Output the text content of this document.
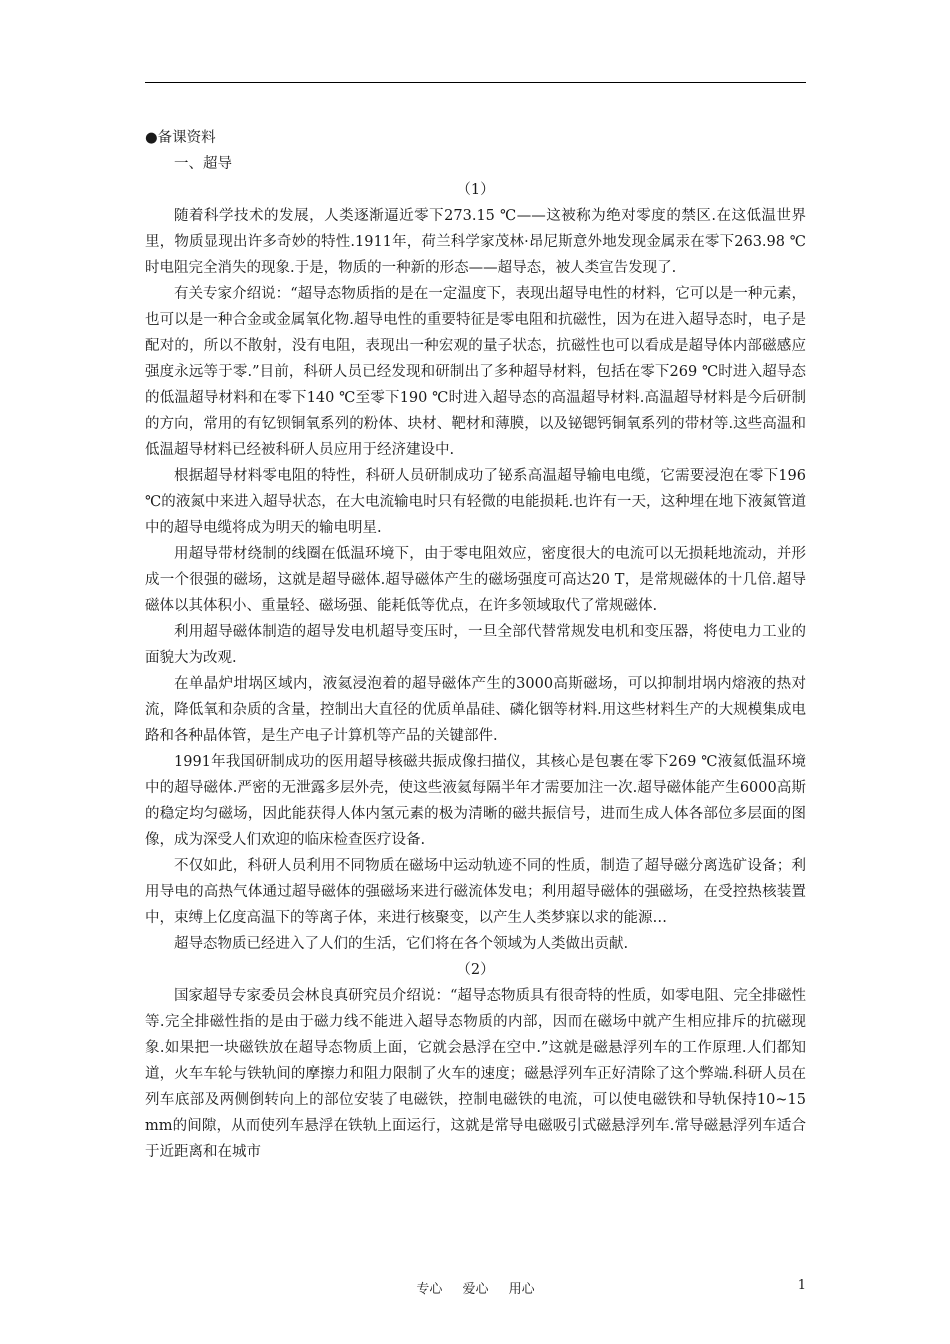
●备课资料
一、超导
（1）

随着科学技术的发展，人类逐渐逼近零下273.15 ℃——这被称为绝对零度的禁区.在这低温世界里，物质显现出许多奇妙的特性.1911年，荷兰科学家茂林·昂尼斯意外地发现金属汞在零下263.98 ℃时电阻完全消失的现象.于是，物质的一种新的形态——超导态，被人类宣告发现了.

有关专家介绍说：“超导态物质指的是在一定温度下，表现出超导电性的材料，它可以是一种元素，也可以是一种合金或金属氧化物.超导电性的重要特征是零电阻和抗磁性，因为在进入超导态时，电子是配对的，所以不散射，没有电阻，表现出一种宏观的量子状态，抗磁性也可以看成是超导体内部磁感应强度永远等于零.”目前，科研人员已经发现和研制出了多种超导材料，包括在零下269 ℃时进入超导态的低温超导材料和在零下140 ℃至零下190 ℃时进入超导态的高温超导材料.高温超导材料是今后研制的方向，常用的有钇钡铜氧系列的粉体、块材、靶材和薄膜，以及铋锶钙铜氧系列的带材等.这些高温和低温超导材料已经被科研人员应用于经济建设中.

根据超导材料零电阻的特性，科研人员研制成功了铋系高温超导输电电缆，它需要浸泡在零下196 ℃的液氮中来进入超导状态，在大电流输电时只有轻微的电能损耗.也许有一天，这种埋在地下液氮管道中的超导电缆将成为明天的输电明星.

用超导带材绕制的线圈在低温环境下，由于零电阻效应，密度很大的电流可以无损耗地流动，并形成一个很强的磁场，这就是超导磁体.超导磁体产生的磁场强度可高达20 T，是常规磁体的十几倍.超导磁体以其体积小、重量轻、磁场强、能耗低等优点，在许多领域取代了常规磁体.

利用超导磁体制造的超导发电机超导变压时，一旦全部代替常规发电机和变压器，将使电力工业的面貌大为改观.

在单晶炉坩埚区域内，液氦浸泡着的超导磁体产生的3000高斯磁场，可以抑制坩埚内熔液的热对流，降低氧和杂质的含量，控制出大直径的优质单晶硅、磷化铟等材料.用这些材料生产的大规模集成电路和各种晶体管，是生产电子计算机等产品的关键部件.

1991年我国研制成功的医用超导核磁共振成像扫描仪，其核心是包裹在零下269 ℃液氦低温环境中的超导磁体.严密的无泄露多层外壳，使这些液氦每隔半年才需要加注一次.超导磁体能产生6000高斯的稳定均匀磁场，因此能获得人体内氢元素的极为清晰的磁共振信号，进而生成人体各部位多层面的图像，成为深受人们欢迎的临床检查医疗设备.

不仅如此，科研人员利用不同物质在磁场中运动轨迹不同的性质，制造了超导磁分离选矿设备；利用导电的高热气体通过超导磁体的强磁场来进行磁流体发电；利用超导磁体的强磁场，在受控热核装置中，束缚上亿度高温下的等离子体，来进行核聚变，以产生人类梦寐以求的能源…

超导态物质已经进入了人们的生活，它们将在各个领域为人类做出贡献.

（2）

国家超导专家委员会林良真研究员介绍说：“超导态物质具有很奇特的性质，如零电阻、完全排磁性等.完全排磁性指的是由于磁力线不能进入超导态物质的内部，因而在磁场中就产生相应排斥的抗磁现象.如果把一块磁铁放在超导态物质上面，它就会悬浮在空中.”这就是磁悬浮列车的工作原理.人们都知道，火车车轮与铁轨间的摩擦力和阻力限制了火车的速度；磁悬浮列车正好清除了这个弊端.科研人员在列车底部及两侧倒转向上的部位安装了电磁铁，控制电磁铁的电流，可以使电磁铁和导轨保持10~15 mm的间隙，从而使列车悬浮在铁轨上面运行，这就是常导电磁吸引式磁悬浮列车.常导磁悬浮列车适合于近距离和在城市

专心 爱心 用心	1
